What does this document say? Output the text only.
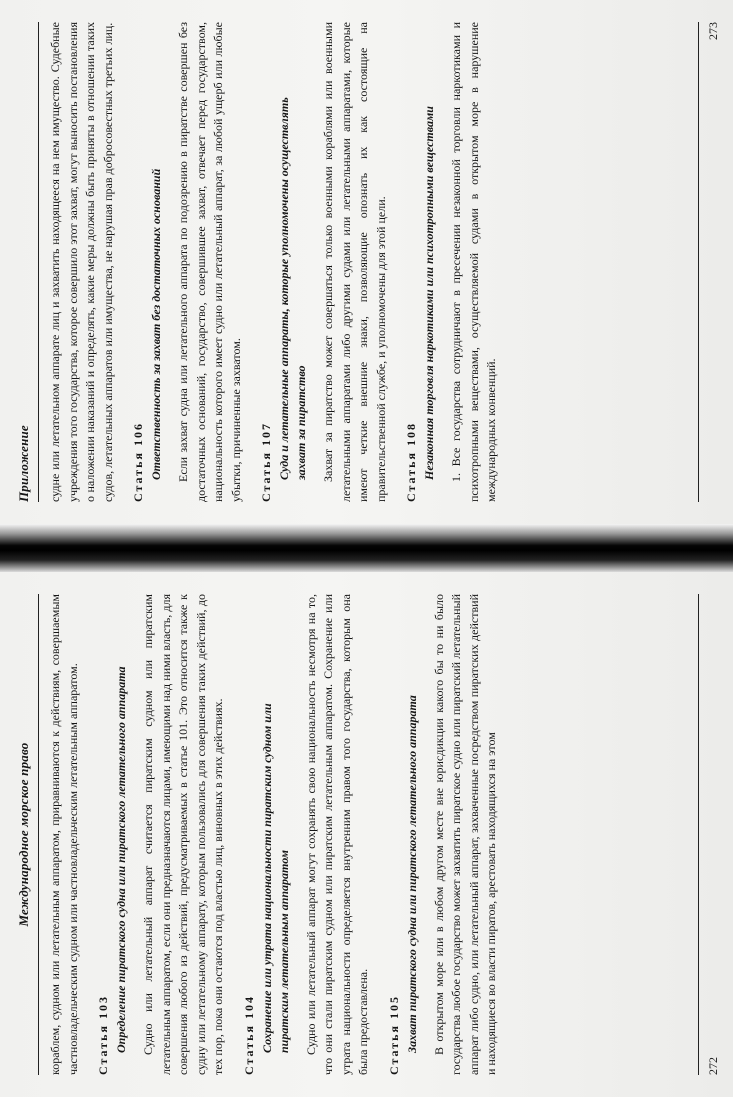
Международное морское право	кораблем, судном или летательным аппаратом, приравниваются к действиям, совершаемым частновладельческим судном или частновладельческим летательным аппаратом. Статья 103 Определение пиратского судна или пиратского летательного аппарата Судно или летательный аппарат считается пиратским судном или пиратским летательным аппаратом, если они предназначаются лицами, имеющими над ними власть, для совершения любого из действий, предусматриваемых в статье 101. Это относится также к судну или летательному аппарату, которым пользовались для совершения таких действий, до тех пор, пока они остаются под властью лиц, виновных в этих действиях. Статья 104 Сохранение или утрата национальности пиратским судном или пиратским летательным аппаратом Судно или летательный аппарат могут сохранять свою национальность несмотря на то, что они стали пиратским судном или пиратским летательным аппаратом. Сохранение или утрата национальности определяется внутренним правом того государства, которым она была предоставлена. Статья 105 Захват пиратского судна или пиратского летательного аппарата В открытом море или в любом другом месте вне юрисдикции какого бы то ни было государства любое государство может захватить пиратское судно или пиратский летательный аппарат либо судно, или летательный аппарат, захваченные посредством пиратских действий и находящиеся во власти пиратов, арестовать находящихся на этом	272
Приложение	судне или летательном аппарате лиц и захватить находящееся на нем имущество. Судебные учреждения того государства, которое совершило этот захват, могут выносить постановления о наложении наказаний и определять, какие меры должны быть приняты в отношении таких судов, летательных аппаратов или имущества, не нарушая прав добросовестных третьих лиц. Статья 106 Ответственность за захват без достаточных оснований Если захват судна или летательного аппарата по подозрению в пиратстве совершен без достаточных оснований, государство, совершившее захват, отвечает перед государством, национальность которого имеет судно или летательный аппарат, за любой ущерб или любые убытки, причиненные захватом. Статья 107 Суда и летательные аппараты, которые уполномочены осуществлять захват за пиратство Захват за пиратство может совершаться только военными кораблями или военными летательными аппаратами либо другими судами или летательными аппаратами, которые имеют четкие внешние знаки, позволяющие опознать их как состоящие на правительственной службе, и уполномочены для этой цели. Статья 108 Незаконная торговля наркотиками или психотропными веществами 1. Все государства сотрудничают в пресечении незаконной торговли наркотиками и психотропными веществами, осуществляемой судами в открытом море в нарушение международных конвенций.

273
